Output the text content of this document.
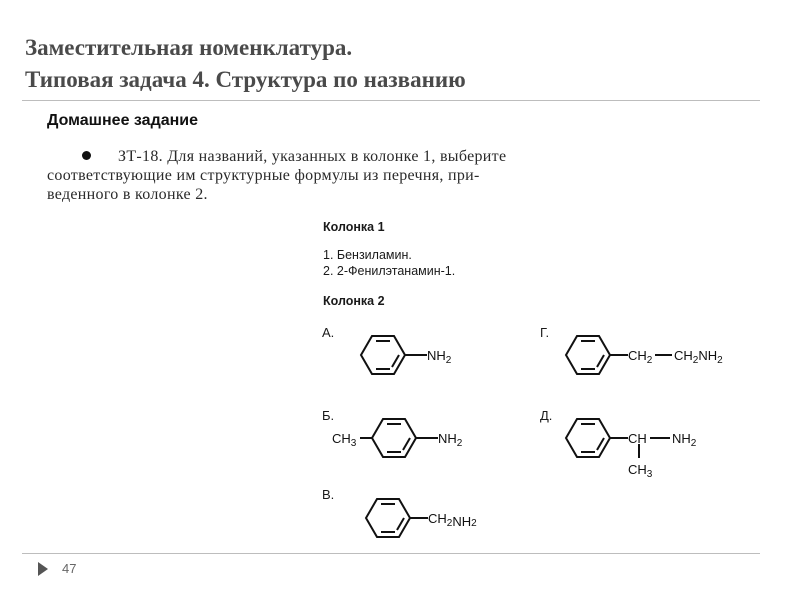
Заместительная номенклатура.
Типовая задача 4. Структура по названию
Домашнее задание
ЗТ-18. Для названий, указанных в колонке 1, выберите
соответствующие им структурные формулы из перечня, при-
веденного в колонке 2.
Колонка 1
1. Бензиламин.
2. 2-Фенилэтанамин-1.
Колонка 2
А.
Б.
В.
Г.
Д.
$NH_2$
$CH_3$	$NH_2$
$CH_2NH2$
$CH_2$ $CH_2NH_2$
CH $NH_2$
$CH_3$
47
